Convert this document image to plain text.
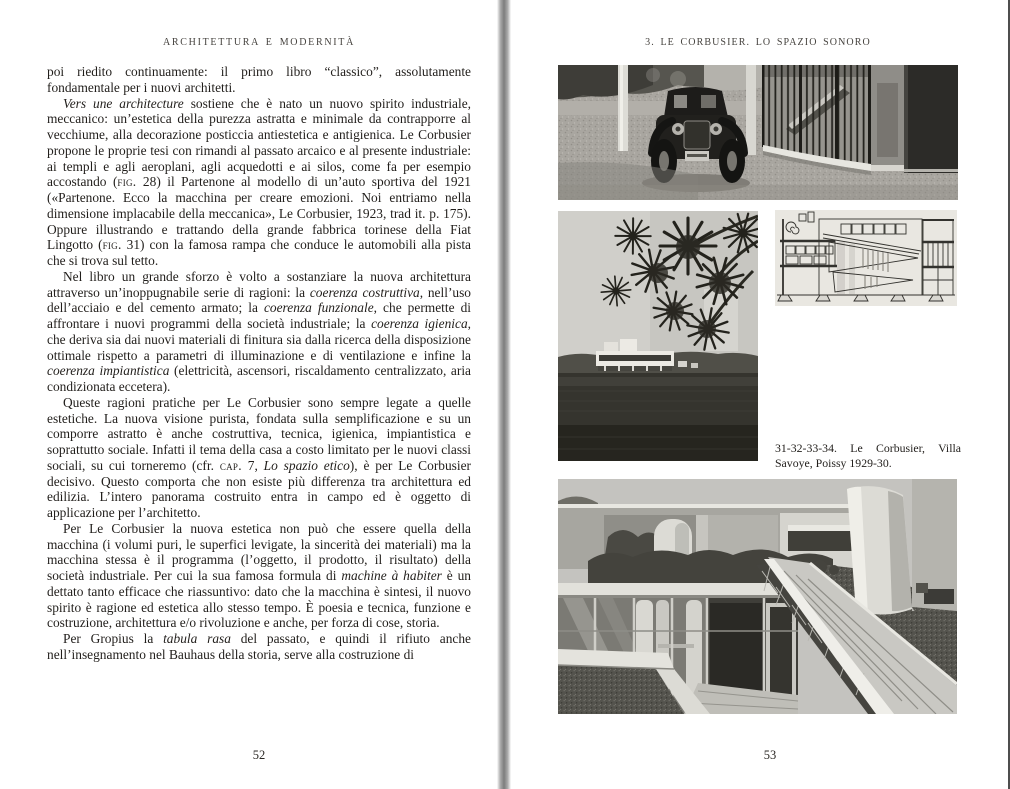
ARCHITETTURA E MODERNITÀ

poi riedito continuamente: il primo libro “classico”, assolutamente fondamentale per i nuovi architetti.

Vers une architecture sostiene che è nato un nuovo spirito industriale, meccanico: un’estetica della purezza astratta e minimale da contrapporre al vecchiume, alla decorazione posticcia antiestetica e antigienica. Le Corbusier propone le proprie tesi con rimandi al passato arcaico e al presente industriale: ai templi e agli aeroplani, agli acquedotti e ai silos, come fa per esempio accostando (fig. 28) il Partenone al modello di un’auto sportiva del 1921 («Partenone. Ecco la macchina per creare emozioni. Noi entriamo nella dimensione implacabile della meccanica», Le Corbusier, 1923, trad it. p. 175). Oppure illustrando e trattando della grande fabbrica torinese della Fiat Lingotto (fig. 31) con la famosa rampa che conduce le automobili alla pista che si trova sul tetto.

Nel libro un grande sforzo è volto a sostanziare la nuova architettura attraverso un’inoppugnabile serie di ragioni: la coerenza costruttiva, nell’uso dell’acciaio e del cemento armato; la coerenza funzionale, che permette di affrontare i nuovi programmi della società industriale; la coerenza igienica, che deriva sia dai nuovi materiali di finitura sia dalla ricerca della disposizione ottimale rispetto a parametri di illuminazione e di ventilazione e infine la coerenza impiantistica (elettricità, ascensori, riscaldamento centralizzato, aria condizionata eccetera).

Queste ragioni pratiche per Le Corbusier sono sempre legate a quelle estetiche. La nuova visione purista, fondata sulla semplificazione e su un comporre astratto è anche costruttiva, tecnica, igienica, impiantistica e soprattutto sociale. Infatti il tema della casa a costo limitato per le nuovi classi sociali, su cui torneremo (cfr. cap. 7, Lo spazio etico), è per Le Corbusier decisivo. Questo comporta che non esiste più differenza tra architettura ed edilizia. L’intero panorama costruito entra in campo ed è oggetto di applicazione per l’architetto.

Per Le Corbusier la nuova estetica non può che essere quella della macchina (i volumi puri, le superfici levigate, la sincerità dei materiali) ma la macchina stessa è il programma (l’oggetto, il prodotto, il risultato) della società industriale. Per cui la sua famosa formula di machine à habiter è un dettato tanto efficace che riassuntivo: dato che la macchina è sintesi, il nuovo spirito è ragione ed estetica allo stesso tempo. È poesia e tecnica, funzione e costruzione, architettura e/o rivoluzione e anche, per forza di cose, storia.

Per Gropius la tabula rasa del passato, e quindi il rifiuto anche nell’insegnamento nel Bauhaus della storia, serve alla costruzione di

52
3. LE CORBUSIER. LO SPAZIO SONORO
31-32-33-34. Le Corbusier, Villa Savoye, Poissy 1929-30.
53
